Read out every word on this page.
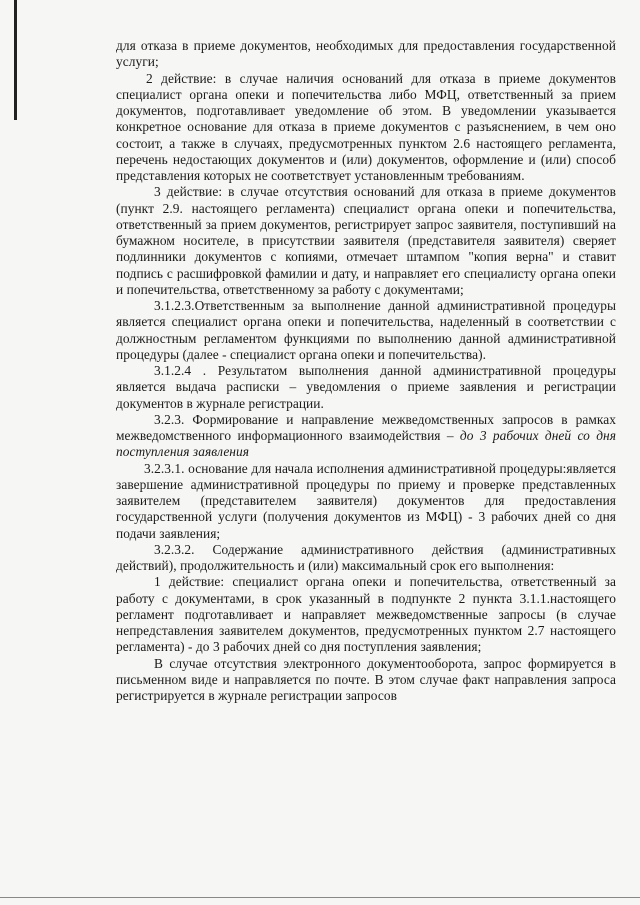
для отказа в приеме документов, необходимых для предоставления государственной услуги;

2 действие: в случае наличия оснований для отказа в приеме документов специалист органа опеки и попечительства либо МФЦ, ответственный за прием документов, подготавливает уведомление об этом. В уведомлении указывается конкретное основание для отказа в приеме документов с разъяснением, в чем оно состоит, а также в случаях, предусмотренных пунктом 2.6 настоящего регламента, перечень недостающих документов и (или) документов, оформление и (или) способ представления которых не соответствует установленным требованиям.

3 действие: в случае отсутствия оснований для отказа в приеме документов (пункт 2.9. настоящего регламента) специалист органа опеки и попечительства, ответственный за прием документов, регистрирует запрос заявителя, поступивший на бумажном носителе, в присутствии заявителя (представителя заявителя) сверяет подлинники документов с копиями, отмечает штампом "копия верна" и ставит подпись с расшифровкой фамилии и дату, и направляет его специалисту органа опеки и попечительства, ответственному за работу с документами;

3.1.2.3.Ответственным за выполнение данной административной процедуры является специалист органа опеки и попечительства, наделенный в соответствии с должностным регламентом функциями по выполнению данной административной процедуры (далее - специалист органа опеки и попечительства).

3.1.2.4 . Результатом выполнения данной административной процедуры является выдача расписки – уведомления о приеме заявления и регистрации документов в журнале регистрации.

3.2.3. Формирование и направление межведомственных запросов в рамках межведомственного информационного взаимодействия – до 3 рабочих дней со дня поступления заявления

3.2.3.1. основание для начала исполнения административной процедуры:является завершение административной процедуры по приему и проверке представленных заявителем (представителем заявителя) документов для предоставления государственной услуги (получения документов из МФЦ) - 3 рабочих дней со дня подачи заявления;

3.2.3.2. Содержание административного действия (административных действий), продолжительность и (или) максимальный срок его выполнения:

1 действие: специалист органа опеки и попечительства, ответственный за работу с документами, в срок указанный в подпункте 2 пункта 3.1.1.настоящего регламент подготавливает и направляет межведомственные запросы (в случае непредставления заявителем документов, предусмотренных пунктом 2.7 настоящего регламента) - до 3 рабочих дней со дня поступления заявления;

В случае отсутствия электронного документооборота, запрос формируется в письменном виде и направляется по почте. В этом случае факт направления запроса регистрируется в журнале регистрации запросов
